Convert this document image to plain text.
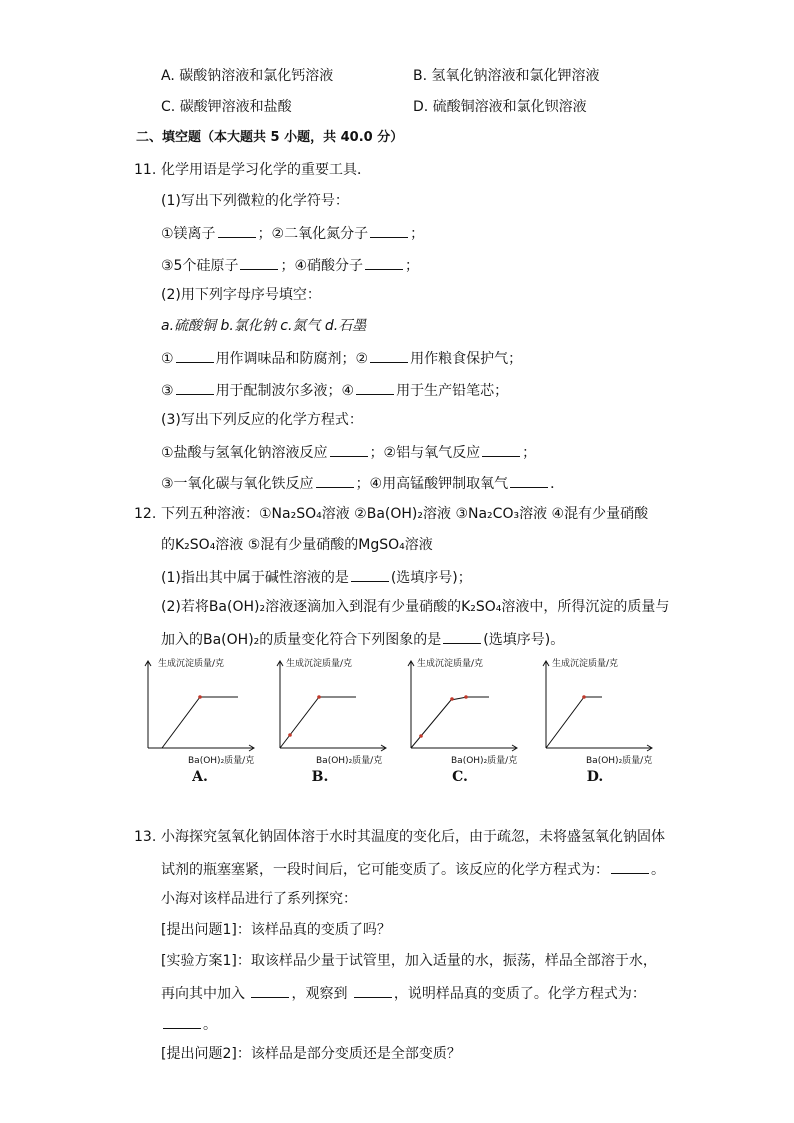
A. 碳酸钠溶液和氯化钙溶液	B. 氢氧化钠溶液和氯化钾溶液
C. 碳酸钾溶液和盐酸	D. 硫酸铜溶液和氯化钡溶液
二、填空题（本大题共 5 小题，共 40.0 分）
11. 化学用语是学习化学的重要工具．
(1)写出下列微粒的化学符号：
①镁离子	；②二氧化氮分子	；
③5个硅原子	；④硝酸分子	；
(2)用下列字母序号填空：
a.硫酸铜 b.氯化钠 c.氮气 d.石墨
①	用作调味品和防腐剂；②	用作粮食保护气；
③	用于配制波尔多液；④	用于生产铅笔芯；
(3)写出下列反应的化学方程式：
①盐酸与氢氧化钠溶液反应	；②铝与氧气反应	；
③一氧化碳与氧化铁反应	；④用高锰酸钾制取氧气	．
12. 下列五种溶液：①Na₂SO₄溶液 ②Ba(OH)₂溶液 ③Na₂CO₃溶液 ④混有少量硝酸
的K₂SO₄溶液 ⑤混有少量硝酸的MgSO₄溶液
(1)指出其中属于碱性溶液的是	(选填序号)；
(2)若将Ba(OH)₂溶液逐滴加入到混有少量硝酸的K₂SO₄溶液中，所得沉淀的质量与
加入的Ba(OH)₂的质量变化符合下列图象的是	(选填序号)。
生成沉淀质量/克
Ba(OH)₂质量/克
A.
生成沉淀质量/克
Ba(OH)₂质量/克
B.
生成沉淀质量/克
Ba(OH)₂质量/克
C.
生成沉淀质量/克
Ba(OH)₂质量/克
D.
13. 小海探究氢氧化钠固体溶于水时其温度的变化后，由于疏忽，未将盛氢氧化钠固体
试剂的瓶塞塞紧，一段时间后，它可能变质了。该反应的化学方程式为：	。
小海对该样品进行了系列探究：
[提出问题1]：该样品真的变质了吗？
[实验方案1]：取该样品少量于试管里，加入适量的水，振荡，样品全部溶于水，
再向其中加入	，观察到	，说明样品真的变质了。化学方程式为：
。
[提出问题2]：该样品是部分变质还是全部变质？
